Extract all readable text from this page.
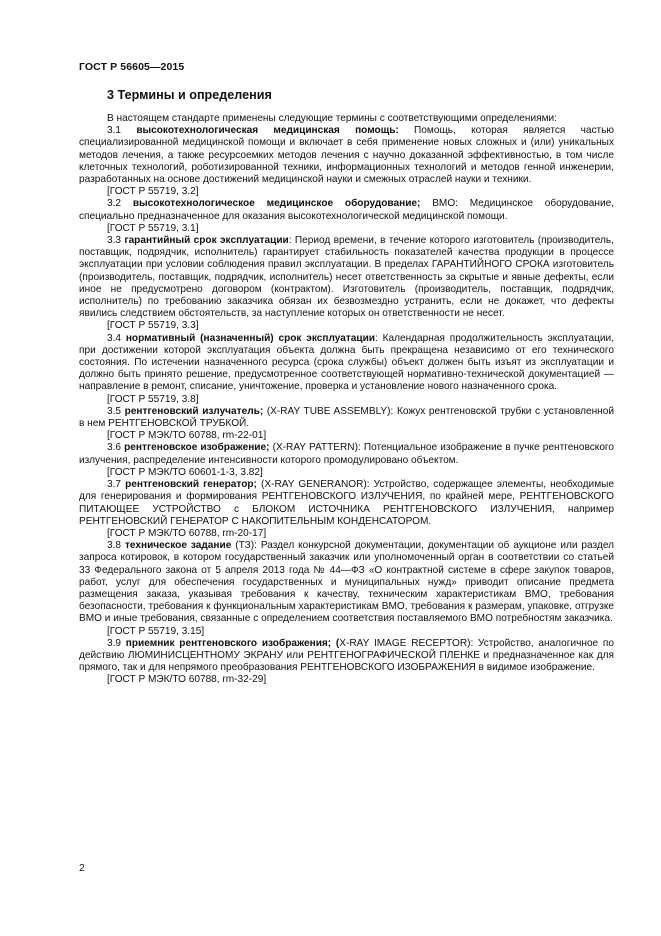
ГОСТ Р 56605—2015
3 Термины и определения

В настоящем стандарте применены следующие термины с соответствующими определениями:

3.1 высокотехнологическая медицинская помощь: Помощь, которая является частью специализированной медицинской помощи и включает в себя применение новых сложных и (или) уникальных методов лечения, а также ресурсоемких методов лечения с научно доказанной эффективностью, в том числе клеточных технологий, роботизированной техники, информационных технологий и методов генной инженерии, разработанных на основе достижений медицинской науки и смежных отраслей науки и техники.

[ГОСТ Р 55719, 3.2]

3.2 высокотехнологическое медицинское оборудование; ВМО: Медицинское оборудование, специально предназначенное для оказания высокотехнологической медицинской помощи.

[ГОСТ Р 55719, 3.1]

3.3 гарантийный срок эксплуатации: Период времени, в течение которого изготовитель (производитель, поставщик, подрядчик, исполнитель) гарантирует стабильность показателей качества продукции в процессе эксплуатации при условии соблюдения правил эксплуатации. В пределах ГАРАНТИЙНОГО СРОКА изготовитель (производитель, поставщик, подрядчик, исполнитель) несет ответственность за скрытые и явные дефекты, если иное не предусмотрено договором (контрактом). Изготовитель (производитель, поставщик, подрядчик, исполнитель) по требованию заказчика обязан их безвозмездно устранить, если не докажет, что дефекты явились следствием обстоятельств, за наступление которых он ответственности не несет.

[ГОСТ Р 55719, 3.3]

3.4 нормативный (назначенный) срок эксплуатации: Календарная продолжительность эксплуатации, при достижении которой эксплуатация объекта должна быть прекращена независимо от его технического состояния. По истечении назначенного ресурса (срока службы) объект должен быть изъят из эксплуатации и должно быть принято решение, предусмотренное соответствующей нормативно-технической документацией — направление в ремонт, списание, уничтожение, проверка и установление нового назначенного срока.

[ГОСТ Р 55719, 3.8]

3.5 рентгеновский излучатель; (X-RAY TUBE ASSEMBLY): Кожух рентгеновской трубки с установленной в нем РЕНТГЕНОВСКОЙ ТРУБКОЙ.

[ГОСТ Р МЭК/ТО 60788, rm-22-01]

3.6 рентгеновское изображение; (X-RAY PATTERN): Потенциальное изображение в пучке рентгеновского излучения, распределение интенсивности которого промодулировано объектом.

[ГОСТ Р МЭК/ТО 60601-1-3, 3.82]

3.7 рентгеновский генератор; (X-RAY GENERANOR): Устройство, содержащее элементы, необходимые для генерирования и формирования РЕНТГЕНОВСКОГО ИЗЛУЧЕНИЯ, по крайней мере, РЕНТГЕНОВСКОГО ПИТАЮЩЕЕ УСТРОЙСТВО с БЛОКОМ ИСТОЧНИКА РЕНТГЕНОВСКОГО ИЗЛУЧЕНИЯ, например РЕНТГЕНОВСКИЙ ГЕНЕРАТОР С НАКОПИТЕЛЬНЫМ КОНДЕНСАТОРОМ.

[ГОСТ Р МЭК/ТО 60788, rm-20-17]

3.8 техническое задание (ТЗ): Раздел конкурсной документации, документации об аукционе или раздел запроса котировок, в котором государственный заказчик или уполномоченный орган в соответствии со статьей 33 Федерального закона от 5 апреля 2013 года № 44—ФЗ «О контрактной системе в сфере закупок товаров, работ, услуг для обеспечения государственных и муниципальных нужд» приводит описание предмета размещения заказа, указывая требования к качеству, техническим характеристикам ВМО, требования безопасности, требования к функциональным характеристикам ВМО, требования к размерам, упаковке, отгрузке ВМО и иные требования, связанные с определением соответствия поставляемого ВМО потребностям заказчика.

[ГОСТ Р 55719, 3.15]

3.9 приемник рентгеновского изображения; (X-RAY IMAGE RECEPTOR): Устройство, аналогичное по действию ЛЮМИНИСЦЕНТНОМУ ЭКРАНУ или РЕНТГЕНОГРАФИЧЕСКОЙ ПЛЕНКЕ и предназначенное как для прямого, так и для непрямого преобразования РЕНТГЕНОВСКОГО ИЗОБРАЖЕНИЯ в видимое изображение.

[ГОСТ Р МЭК/ТО 60788, rm-32-29]

2
